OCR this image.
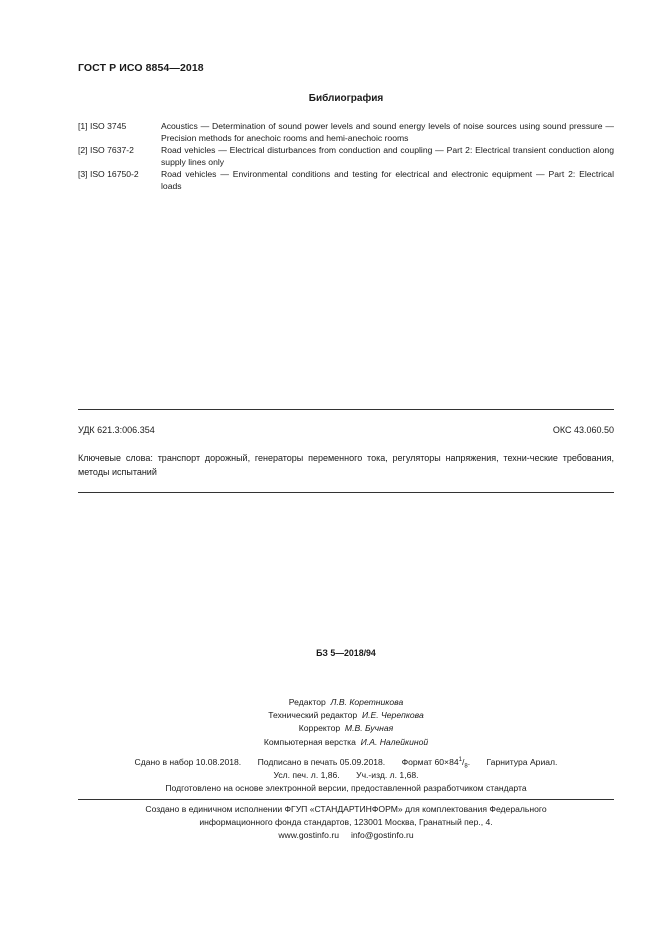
ГОСТ Р ИСО 8854—2018
Библиография
[1] ISO 3745	Acoustics — Determination of sound power levels and sound energy levels of noise sources using sound pressure — Precision methods for anechoic rooms and hemi-anechoic rooms
[2] ISO 7637-2	Road vehicles — Electrical disturbances from conduction and coupling — Part 2: Electrical transient conduction along supply lines only
[3] ISO 16750-2	Road vehicles — Environmental conditions and testing for electrical and electronic equipment — Part 2: Electrical loads
УДК 621.3:006.354	ОКС 43.060.50
Ключевые слова: транспорт дорожный, генераторы переменного тока, регуляторы напряжения, техни-ческие требования, методы испытаний
БЗ 5—2018/94
Редактор Л.В. Коретникова
Технический редактор И.Е. Черепкова
Корректор М.В. Бучная
Компьютерная верстка И.А. Налейкиной
Сдано в набор 10.08.2018. Подписано в печать 05.09.2018. Формат $60\times 84^1/_8$. Гарнитура Ариал.
Усл. печ. л. 1,86. Уч.-изд. л. 1,68.
Подготовлено на основе электронной версии, предоставленной разработчиком стандарта
Создано в единичном исполнении ФГУП «СТАНДАРТИНФОРМ» для комплектования Федерального
информационного фонда стандартов, 123001 Москва, Гранатный пер., 4.
www.gostinfo.ru info@gostinfo.ru
